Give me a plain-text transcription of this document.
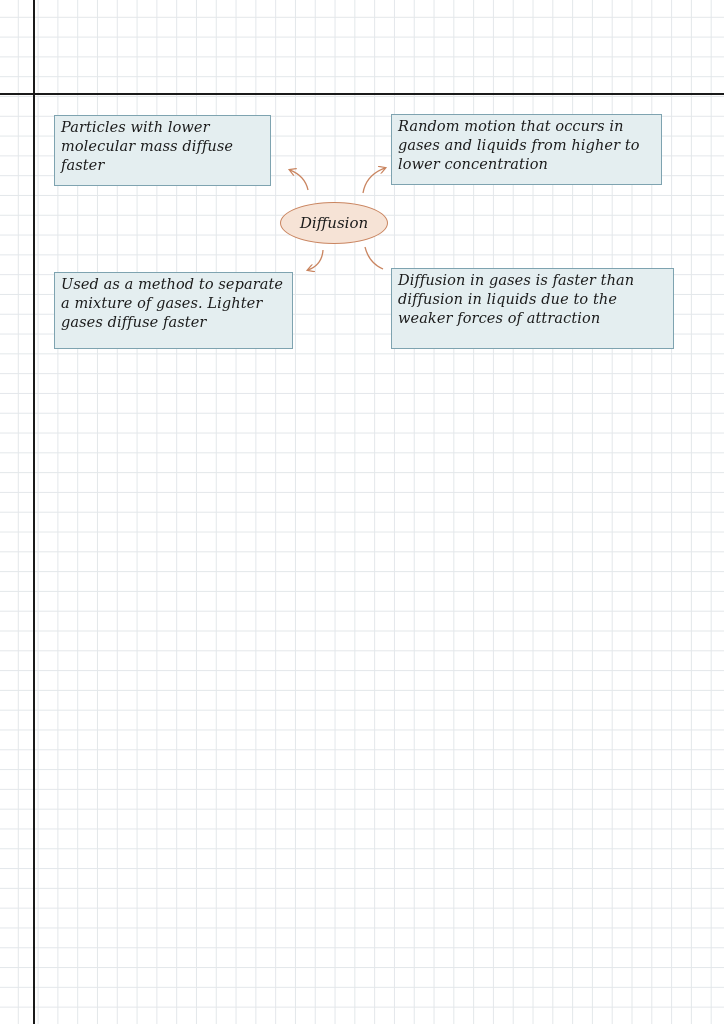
Particles with lower molecular mass diffuse faster
Random motion that occurs in gases and liquids from higher to lower concentration
Used as a method to separate a mixture of gases. Lighter gases diffuse faster
Diffusion in gases is faster than diffusion in liquids due to the weaker forces of attraction
Diffusion
